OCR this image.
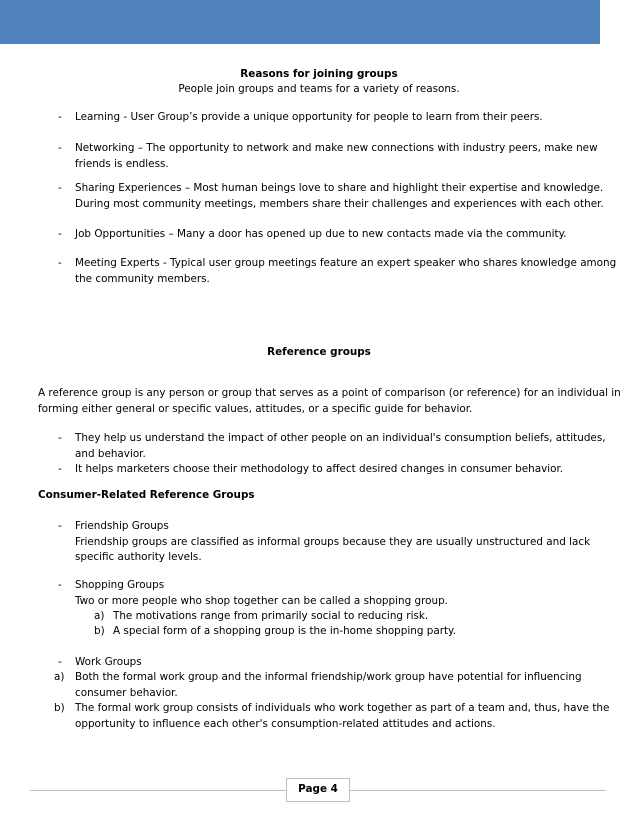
Reasons for joining groups
People join groups and teams for a variety of reasons.
- Learning - User Group’s provide a unique opportunity for people to learn from their peers.
- Networking – The opportunity to network and make new connections with industry peers, make new
friends is endless.
- Sharing Experiences – Most human beings love to share and highlight their expertise and knowledge.
During most community meetings, members share their challenges and experiences with each other.
- Job Opportunities – Many a door has opened up due to new contacts made via the community.
- Meeting Experts - Typical user group meetings feature an expert speaker who shares knowledge among
the community members.
Reference groups
A reference group is any person or group that serves as a point of comparison (or reference) for an individual in
forming either general or specific values, attitudes, or a specific guide for behavior.
- They help us understand the impact of other people on an individual's consumption beliefs, attitudes,
and behavior.
- It helps marketers choose their methodology to affect desired changes in consumer behavior.
Consumer-Related Reference Groups
- Friendship Groups
Friendship groups are classified as informal groups because they are usually unstructured and lack
specific authority levels.
- Shopping Groups
Two or more people who shop together can be called a shopping group.
a) The motivations range from primarily social to reducing risk.
b) A special form of a shopping group is the in-home shopping party.
- Work Groups
a) Both the formal work group and the informal friendship/work group have potential for influencing
consumer behavior.
b) The formal work group consists of individuals who work together as part of a team and, thus, have the
opportunity to influence each other's consumption-related attitudes and actions.
Page 4
